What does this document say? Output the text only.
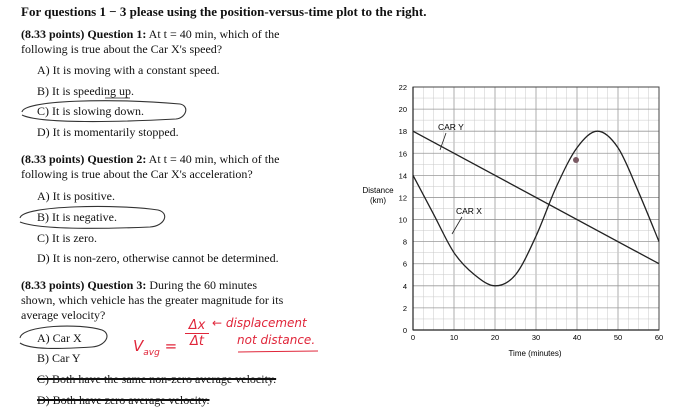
For questions 1 − 3 please using the position-versus-time plot to the right.
(8.33 points) Question 1: At t = 40 min, which of the
following is true about the Car X's speed?
A) It is moving with a constant speed.
B) It is speeding up.
C) It is slowing down.
D) It is momentarily stopped.
(8.33 points) Question 2: At t = 40 min, which of the
following is true about the Car X's acceleration?
A) It is positive.
B) It is negative.
C) It is zero.
D) It is non-zero, otherwise cannot be determined.
(8.33 points) Question 3: During the 60 minutes
shown, which vehicle has the greater magnitude for its
average velocity?
A) Car X
B) Car Y
C) Both have the same non-zero average velocity.
D) Both have zero average velocity.
$V_{avg} = \frac{\Delta x}{\Delta t}$ ← displacement
not distance.
0
2
4
6
8
10
12
14
16
18
20
22
0	10	20	30	40	50	60
Distance
(km)
Time (minutes)
CAR Y
CAR X
